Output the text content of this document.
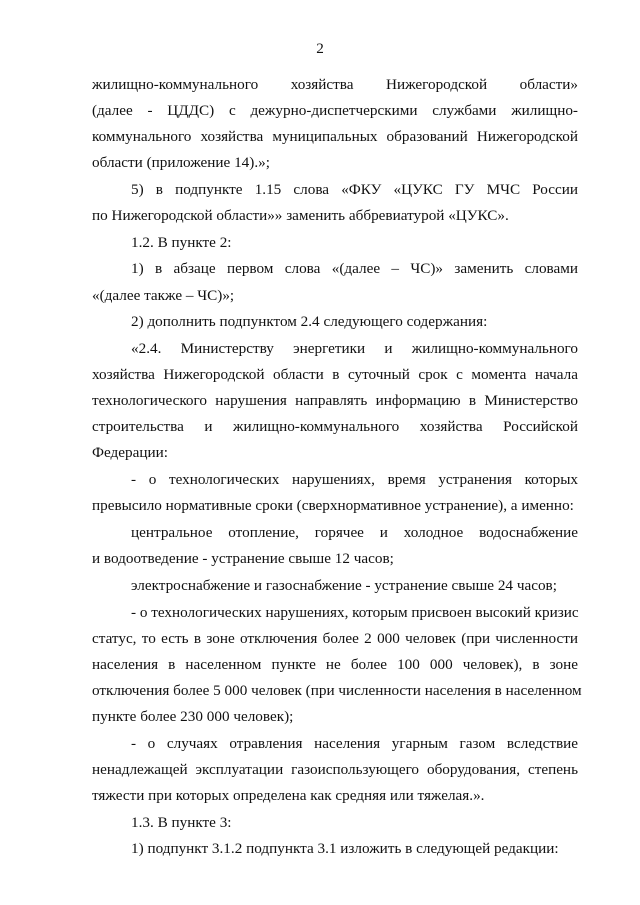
2
жилищно-коммунального хозяйства Нижегородской области»
(далее - ЦДДС) с дежурно-диспетчерскими службами жилищно-
коммунального хозяйства муниципальных образований Нижегородской
области (приложение 14).»;
5) в подпункте 1.15 слова «ФКУ «ЦУКС ГУ МЧС России
по Нижегородской области»» заменить аббревиатурой «ЦУКС».
1.2. В пункте 2:
1) в абзаце первом слова «(далее – ЧС)» заменить словами
«(далее также – ЧС)»;
2) дополнить подпунктом 2.4 следующего содержания:
«2.4. Министерству энергетики и жилищно-коммунального
хозяйства Нижегородской области в суточный срок с момента начала
технологического нарушения направлять информацию в Министерство
строительства и жилищно-коммунального хозяйства Российской
Федерации:
- о технологических нарушениях, время устранения которых
превысило нормативные сроки (сверхнормативное устранение), а именно:
центральное отопление, горячее и холодное водоснабжение
и водоотведение - устранение свыше 12 часов;
электроснабжение и газоснабжение - устранение свыше 24 часов;
- о технологических нарушениях, которым присвоен высокий кризис
статус, то есть в зоне отключения более 2 000 человек (при численности
населения в населенном пункте не более 100 000 человек), в зоне
отключения более 5 000 человек (при численности населения в населенном
пункте более 230 000 человек);
- о случаях отравления населения угарным газом вследствие
ненадлежащей эксплуатации газоиспользующего оборудования, степень
тяжести при которых определена как средняя или тяжелая.».
1.3. В пункте 3:
1) подпункт 3.1.2 подпункта 3.1 изложить в следующей редакции:
